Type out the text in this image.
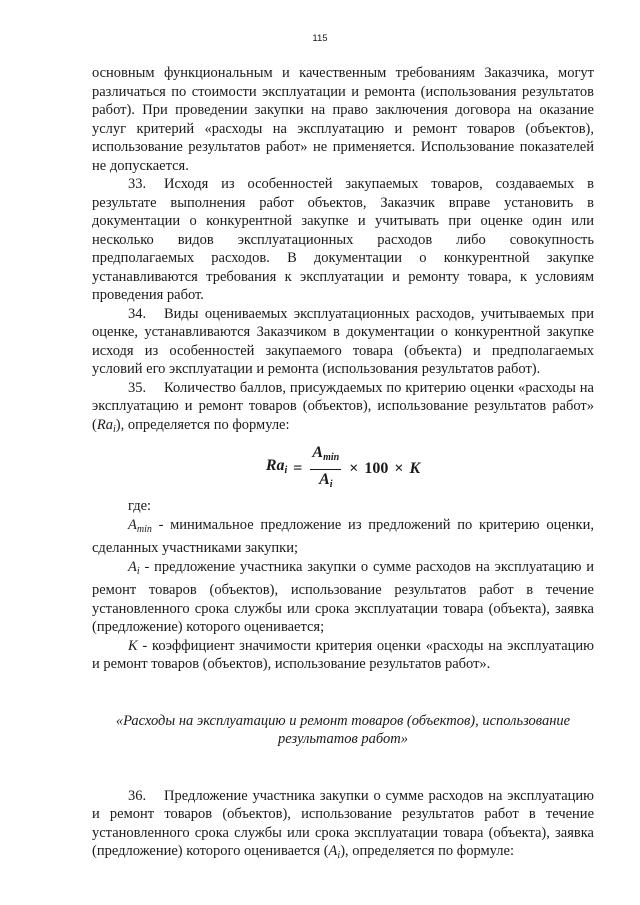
115

основным функциональным и качественным требованиям Заказчика, могут различаться по стоимости эксплуатации и ремонта (использования результатов работ). При проведении закупки на право заключения договора на оказание услуг критерий «расходы на эксплуатацию и ремонт товаров (объектов), использование результатов работ» не применяется. Использование показателей не допускается.

33. Исходя из особенностей закупаемых товаров, создаваемых в результате выполнения работ объектов, Заказчик вправе установить в документации о конкурентной закупке и учитывать при оценке один или несколько видов эксплуатационных расходов либо совокупность предполагаемых расходов. В документации о конкурентной закупке устанавливаются требования к эксплуатации и ремонту товара, к условиям проведения работ.

34. Виды оцениваемых эксплуатационных расходов, учитываемых при оценке, устанавливаются Заказчиком в документации о конкурентной закупке исходя из особенностей закупаемого товара (объекта) и предполагаемых условий его эксплуатации и ремонта (использования результатов работ).

35. Количество баллов, присуждаемых по критерию оценки «расходы на эксплуатацию и ремонт товаров (объектов), использование результатов работ» $(Ra_i)$, определяется по формуле:

$Ra_i = \frac{A_{min}}{A_i} \times 100 \times K$

где:

$A_{min}$ - минимальное предложение из предложений по критерию оценки, сделанных участниками закупки;

$A_i$ - предложение участника закупки о сумме расходов на эксплуатацию и ремонт товаров (объектов), использование результатов работ в течение установленного срока службы или срока эксплуатации товара (объекта), заявка (предложение) которого оценивается;

K - коэффициент значимости критерия оценки «расходы на эксплуатацию и ремонт товаров (объектов), использование результатов работ».

«Расходы на эксплуатацию и ремонт товаров (объектов), использование результатов работ»

36. Предложение участника закупки о сумме расходов на эксплуатацию и ремонт товаров (объектов), использование результатов работ в течение установленного срока службы или срока эксплуатации товара (объекта), заявка (предложение) которого оценивается $(A_i)$, определяется по формуле:
